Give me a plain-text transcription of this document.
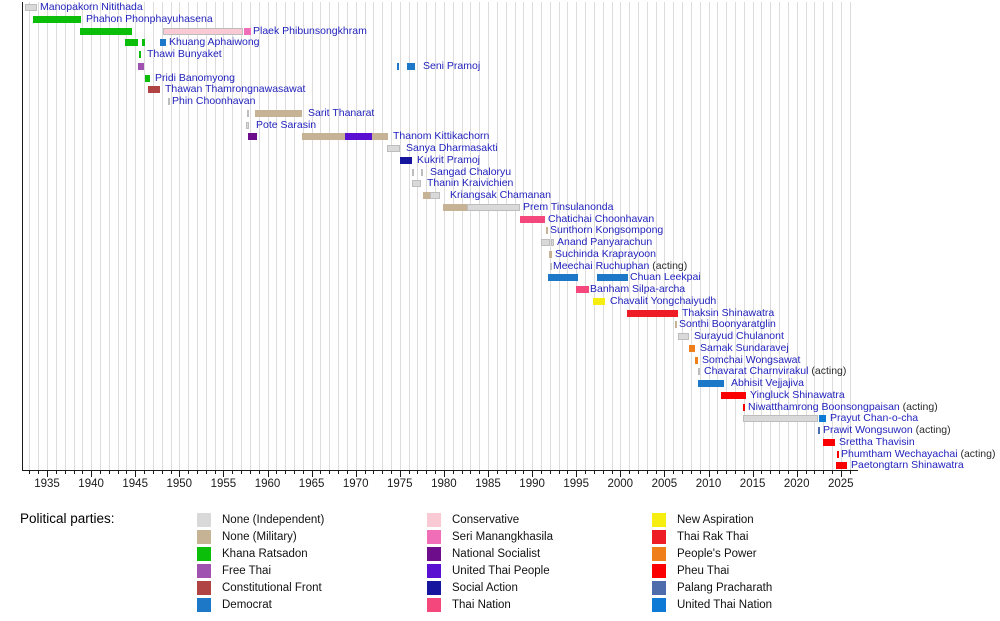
1935	1940	1945	1950	1955	1960	1965	1970	1975	1980	1985	1990	1995	2000	2005	2010	2015	2020	2025
Manopakorn Nitithada
Phahon Phonphayuhasena
Plaek Phibunsongkhram
Khuang Aphaiwong
Thawi Bunyaket
Seni Pramoj
Pridi Banomyong
Thawan Thamrongnawasawat
Phin Choonhavan
Sarit Thanarat
Pote Sarasin
Thanom Kittikachorn
Sanya Dharmasakti
Kukrit Pramoj
Sangad Chaloryu
Thanin Kraivichien
Kriangsak Chamanan
Prem Tinsulanonda
Chatichai Choonhavan
Sunthorn Kongsompong
Anand Panyarachun
Suchinda Kraprayoon
Meechai Ruchuphan (acting)
Chuan Leekpai
Banham Silpa-archa
Chavalit Yongchaiyudh
Thaksin Shinawatra
Sonthi Boonyaratglin
Surayud Chulanont
Samak Sundaravej
Somchai Wongsawat
Chavarat Charnvirakul (acting)
Abhisit Vejjajiva
Yingluck Shinawatra
Niwatthamrong Boonsongpaisan (acting)
Prayut Chan-o-cha
Prawit Wongsuwon (acting)
Srettha Thavisin
Phumtham Wechayachai (acting)
Paetongtarn Shinawatra
Political parties:	None (Independent)
None (Military)
Khana Ratsadon
Free Thai
Constitutional Front
Democrat
Conservative
Seri Manangkhasila
National Socialist
United Thai People
Social Action
Thai Nation
New Aspiration
Thai Rak Thai
People's Power
Pheu Thai
Palang Pracharath
United Thai Nation
